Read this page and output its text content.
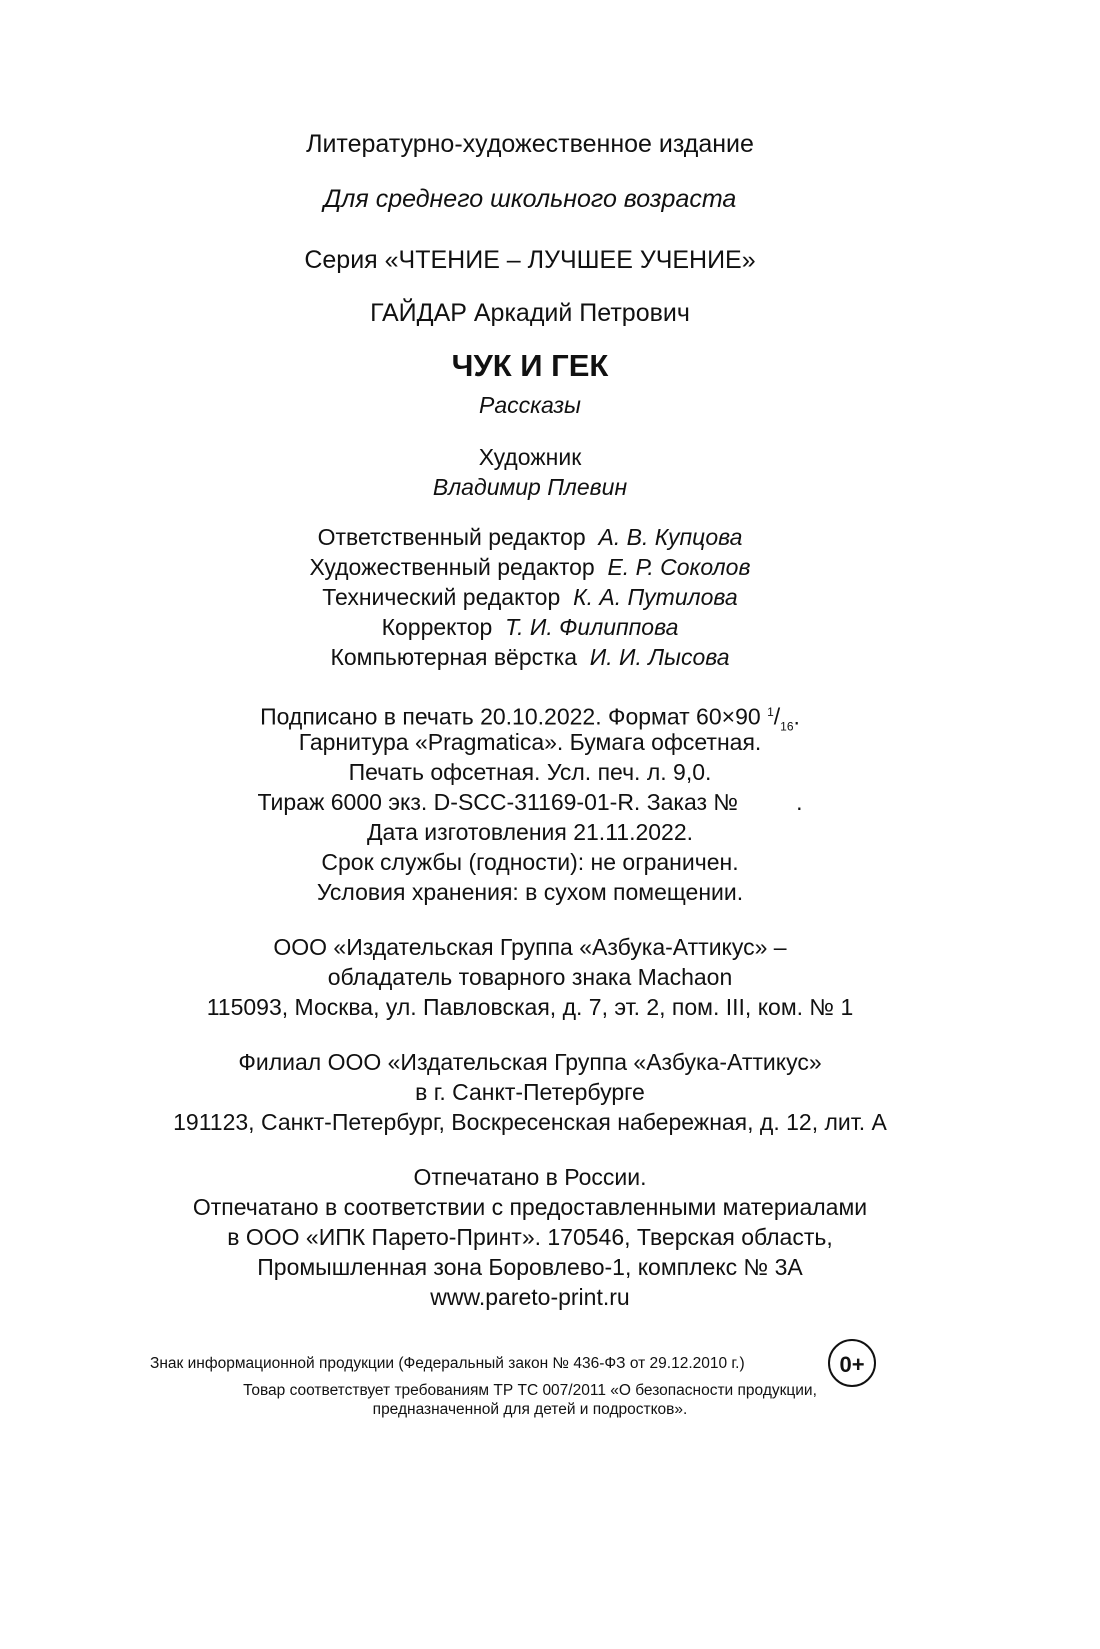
Литературно-художественное издание
Для среднего школьного возраста
Серия «ЧТЕНИЕ – ЛУЧШЕЕ УЧЕНИЕ»
ГАЙДАР Аркадий Петрович
ЧУК И ГЕК
Рассказы
Художник
Владимир Плевин
Ответственный редактор А. В. Купцова
Художественный редактор Е. Р. Соколов
Технический редактор К. А. Путилова
Корректор Т. И. Филиппова
Компьютерная вёрстка И. И. Лысова
Подписано в печать 20.10.2022. Формат 60×90 $^1/_{16}$.
Гарнитура «Pragmatica». Бумага офсетная.
Печать офсетная. Усл. печ. л. 9,0.
Тираж 6000 экз. D-SCC-31169-01-R. Заказ №	.
Дата изготовления 21.11.2022.
Срок службы (годности): не ограничен.
Условия хранения: в сухом помещении.
ООО «Издательская Группа «Азбука-Аттикус» –
обладатель товарного знака Machaon
115093, Москва, ул. Павловская, д. 7, эт. 2, пом. III, ком. № 1
Филиал ООО «Издательская Группа «Азбука-Аттикус»
в г. Санкт-Петербурге
191123, Санкт-Петербург, Воскресенская набережная, д. 12, лит. А
Отпечатано в России.
Отпечатано в соответствии с предоставленными материалами
в ООО «ИПК Парето-Принт». 170546, Тверская область,
Промышленная зона Боровлево-1, комплекс № 3А
www.pareto-print.ru
Знак информационной продукции (Федеральный закон № 436-ФЗ от 29.12.2010 г.)	0+
Товар соответствует требованиям ТР ТС 007/2011 «О безопасности продукции,
предназначенной для детей и подростков».
